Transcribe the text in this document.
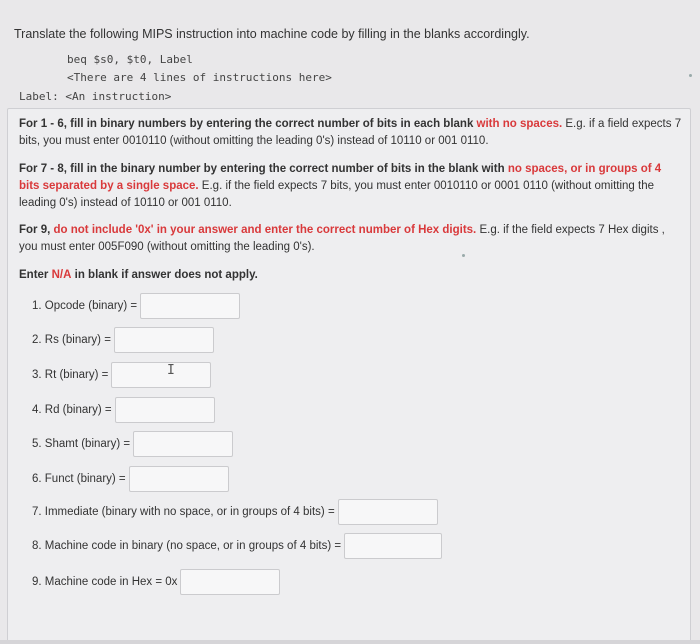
Translate the following MIPS instruction into machine code by filling in the blanks accordingly.
beq $s0, $t0, Label
<There are 4 lines of instructions here>
Label: <An instruction>
For 1 - 6, fill in binary numbers by entering the correct number of bits in each blank with no spaces. E.g. if a field expects 7 bits, you must enter 0010110 (without omitting the leading 0's) instead of 10110 or 001 0110.
For 7 - 8, fill in the binary number by entering the correct number of bits in the blank with no spaces, or in groups of 4 bits separated by a single space. E.g. if the field expects 7 bits, you must enter 0010110 or 0001 0110 (without omitting the leading 0's) instead of 10110 or 001 0110.
For 9, do not include '0x' in your answer and enter the correct number of Hex digits. E.g. if the field expects 7 Hex digits , you must enter 005F090 (without omitting the leading 0's).
Enter N/A in blank if answer does not apply.
1. Opcode (binary) =
2. Rs (binary) =
3. Rt (binary) =
4. Rd (binary) =
5. Shamt (binary) =
6. Funct (binary) =
7. Immediate (binary with no space, or in groups of 4 bits) =
8. Machine code in binary (no space, or in groups of 4 bits) =
9. Machine code in Hex = 0x
I
